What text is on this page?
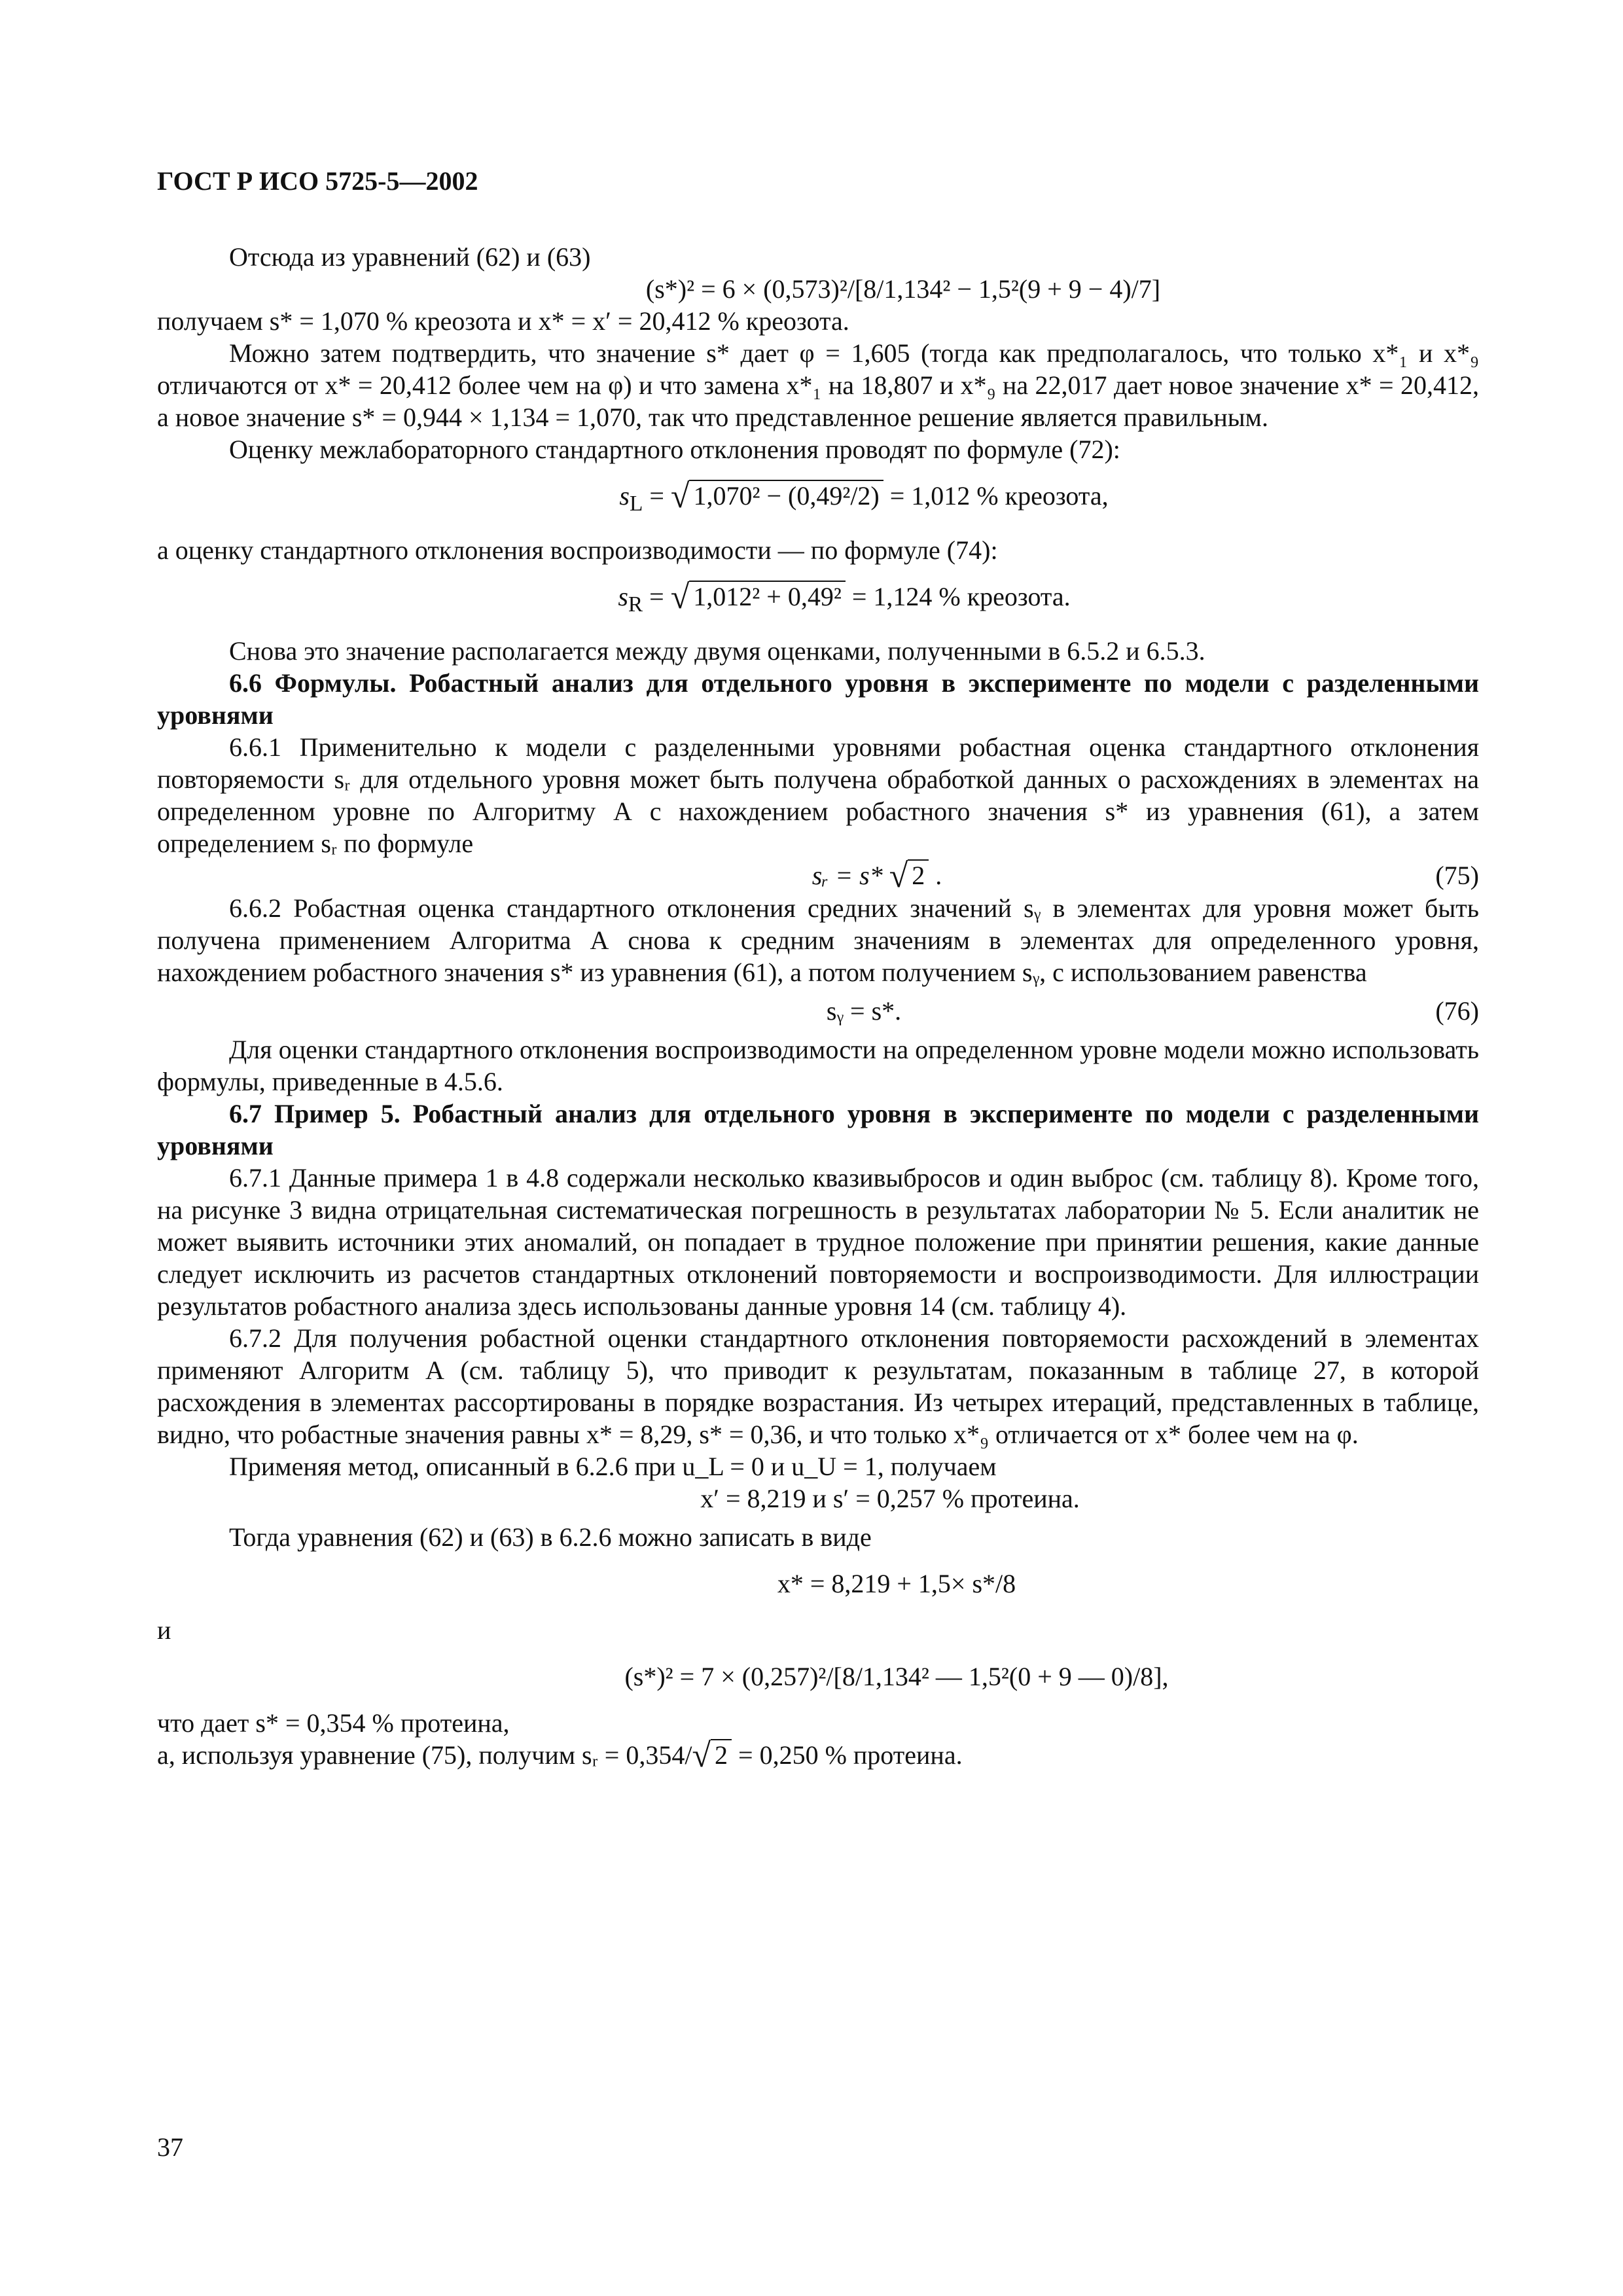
ГОСТ Р ИСО 5725-5—2002

Отсюда из уравнений (62) и (63)

(s*)² = 6 × (0,573)²/[8/1,134² − 1,5²(9 + 9 − 4)/7]

получаем s* = 1,070 % креозота и x* = x′ = 20,412 % креозота.

Можно затем подтвердить, что значение s* дает φ = 1,605 (тогда как предполагалось, что только x*₁ и x*₉ отличаются от x* = 20,412 более чем на φ) и что замена x*₁ на 18,807 и x*₉ на 22,017 дает новое значение x* = 20,412, а новое значение s* = 0,944 × 1,134 = 1,070, так что представленное решение является правильным.

Оценку межлабораторного стандартного отклонения проводят по формуле (72):

$s_L$ = √ 1,070² − (0,49²/2) = 1,012 % креозота,

а оценку стандартного отклонения воспроизводимости — по формуле (74):

$s_R$ = √ 1,012² + 0,49² = 1,124 % креозота.

Снова это значение располагается между двумя оценками, полученными в 6.5.2 и 6.5.3.

6.6 Формулы. Робастный анализ для отдельного уровня в эксперименте по модели с разделенными уровнями

6.6.1 Применительно к модели с разделенными уровнями робастная оценка стандартного отклонения повторяемости sᵣ для отдельного уровня может быть получена обработкой данных о расхождениях в элементах на определенном уровне по Алгоритму А с нахождением робастного значения s* из уравнения (61), а затем определением sᵣ по формуле

sᵣ = s* √ 2 .	(75)

6.6.2 Робастная оценка стандартного отклонения средних значений sᵧ в элементах для уровня может быть получена применением Алгоритма А снова к средним значениям в элементах для определенного уровня, нахождением робастного значения s* из уравнения (61), а потом получением sᵧ, с использованием равенства

sᵧ = s*.	(76)

Для оценки стандартного отклонения воспроизводимости на определенном уровне модели можно использовать формулы, приведенные в 4.5.6.

6.7 Пример 5. Робастный анализ для отдельного уровня в эксперименте по модели с разделенными уровнями

6.7.1 Данные примера 1 в 4.8 содержали несколько квазивыбросов и один выброс (см. таблицу 8). Кроме того, на рисунке 3 видна отрицательная систематическая погрешность в результатах лаборатории № 5. Если аналитик не может выявить источники этих аномалий, он попадает в трудное положение при принятии решения, какие данные следует исключить из расчетов стандартных отклонений повторяемости и воспроизводимости. Для иллюстрации результатов робастного анализа здесь использованы данные уровня 14 (см. таблицу 4).

6.7.2 Для получения робастной оценки стандартного отклонения повторяемости расхождений в элементах применяют Алгоритм А (см. таблицу 5), что приводит к результатам, показанным в таблице 27, в которой расхождения в элементах рассортированы в порядке возрастания. Из четырех итераций, представленных в таблице, видно, что робастные значения равны x* = 8,29, s* = 0,36, и что только x*₉ отличается от x* более чем на φ.

Применяя метод, описанный в 6.2.6 при u_L = 0 и u_U = 1, получаем

x′ = 8,219 и s′ = 0,257 % протеина.

Тогда уравнения (62) и (63) в 6.2.6 можно записать в виде

x* = 8,219 + 1,5× s*/8

и

(s*)² = 7 × (0,257)²/[8/1,134² — 1,5²(0 + 9 — 0)/8],

что дает s* = 0,354 % протеина,

а, используя уравнение (75), получим sᵣ = 0,354/√ 2 = 0,250 % протеина.

37
